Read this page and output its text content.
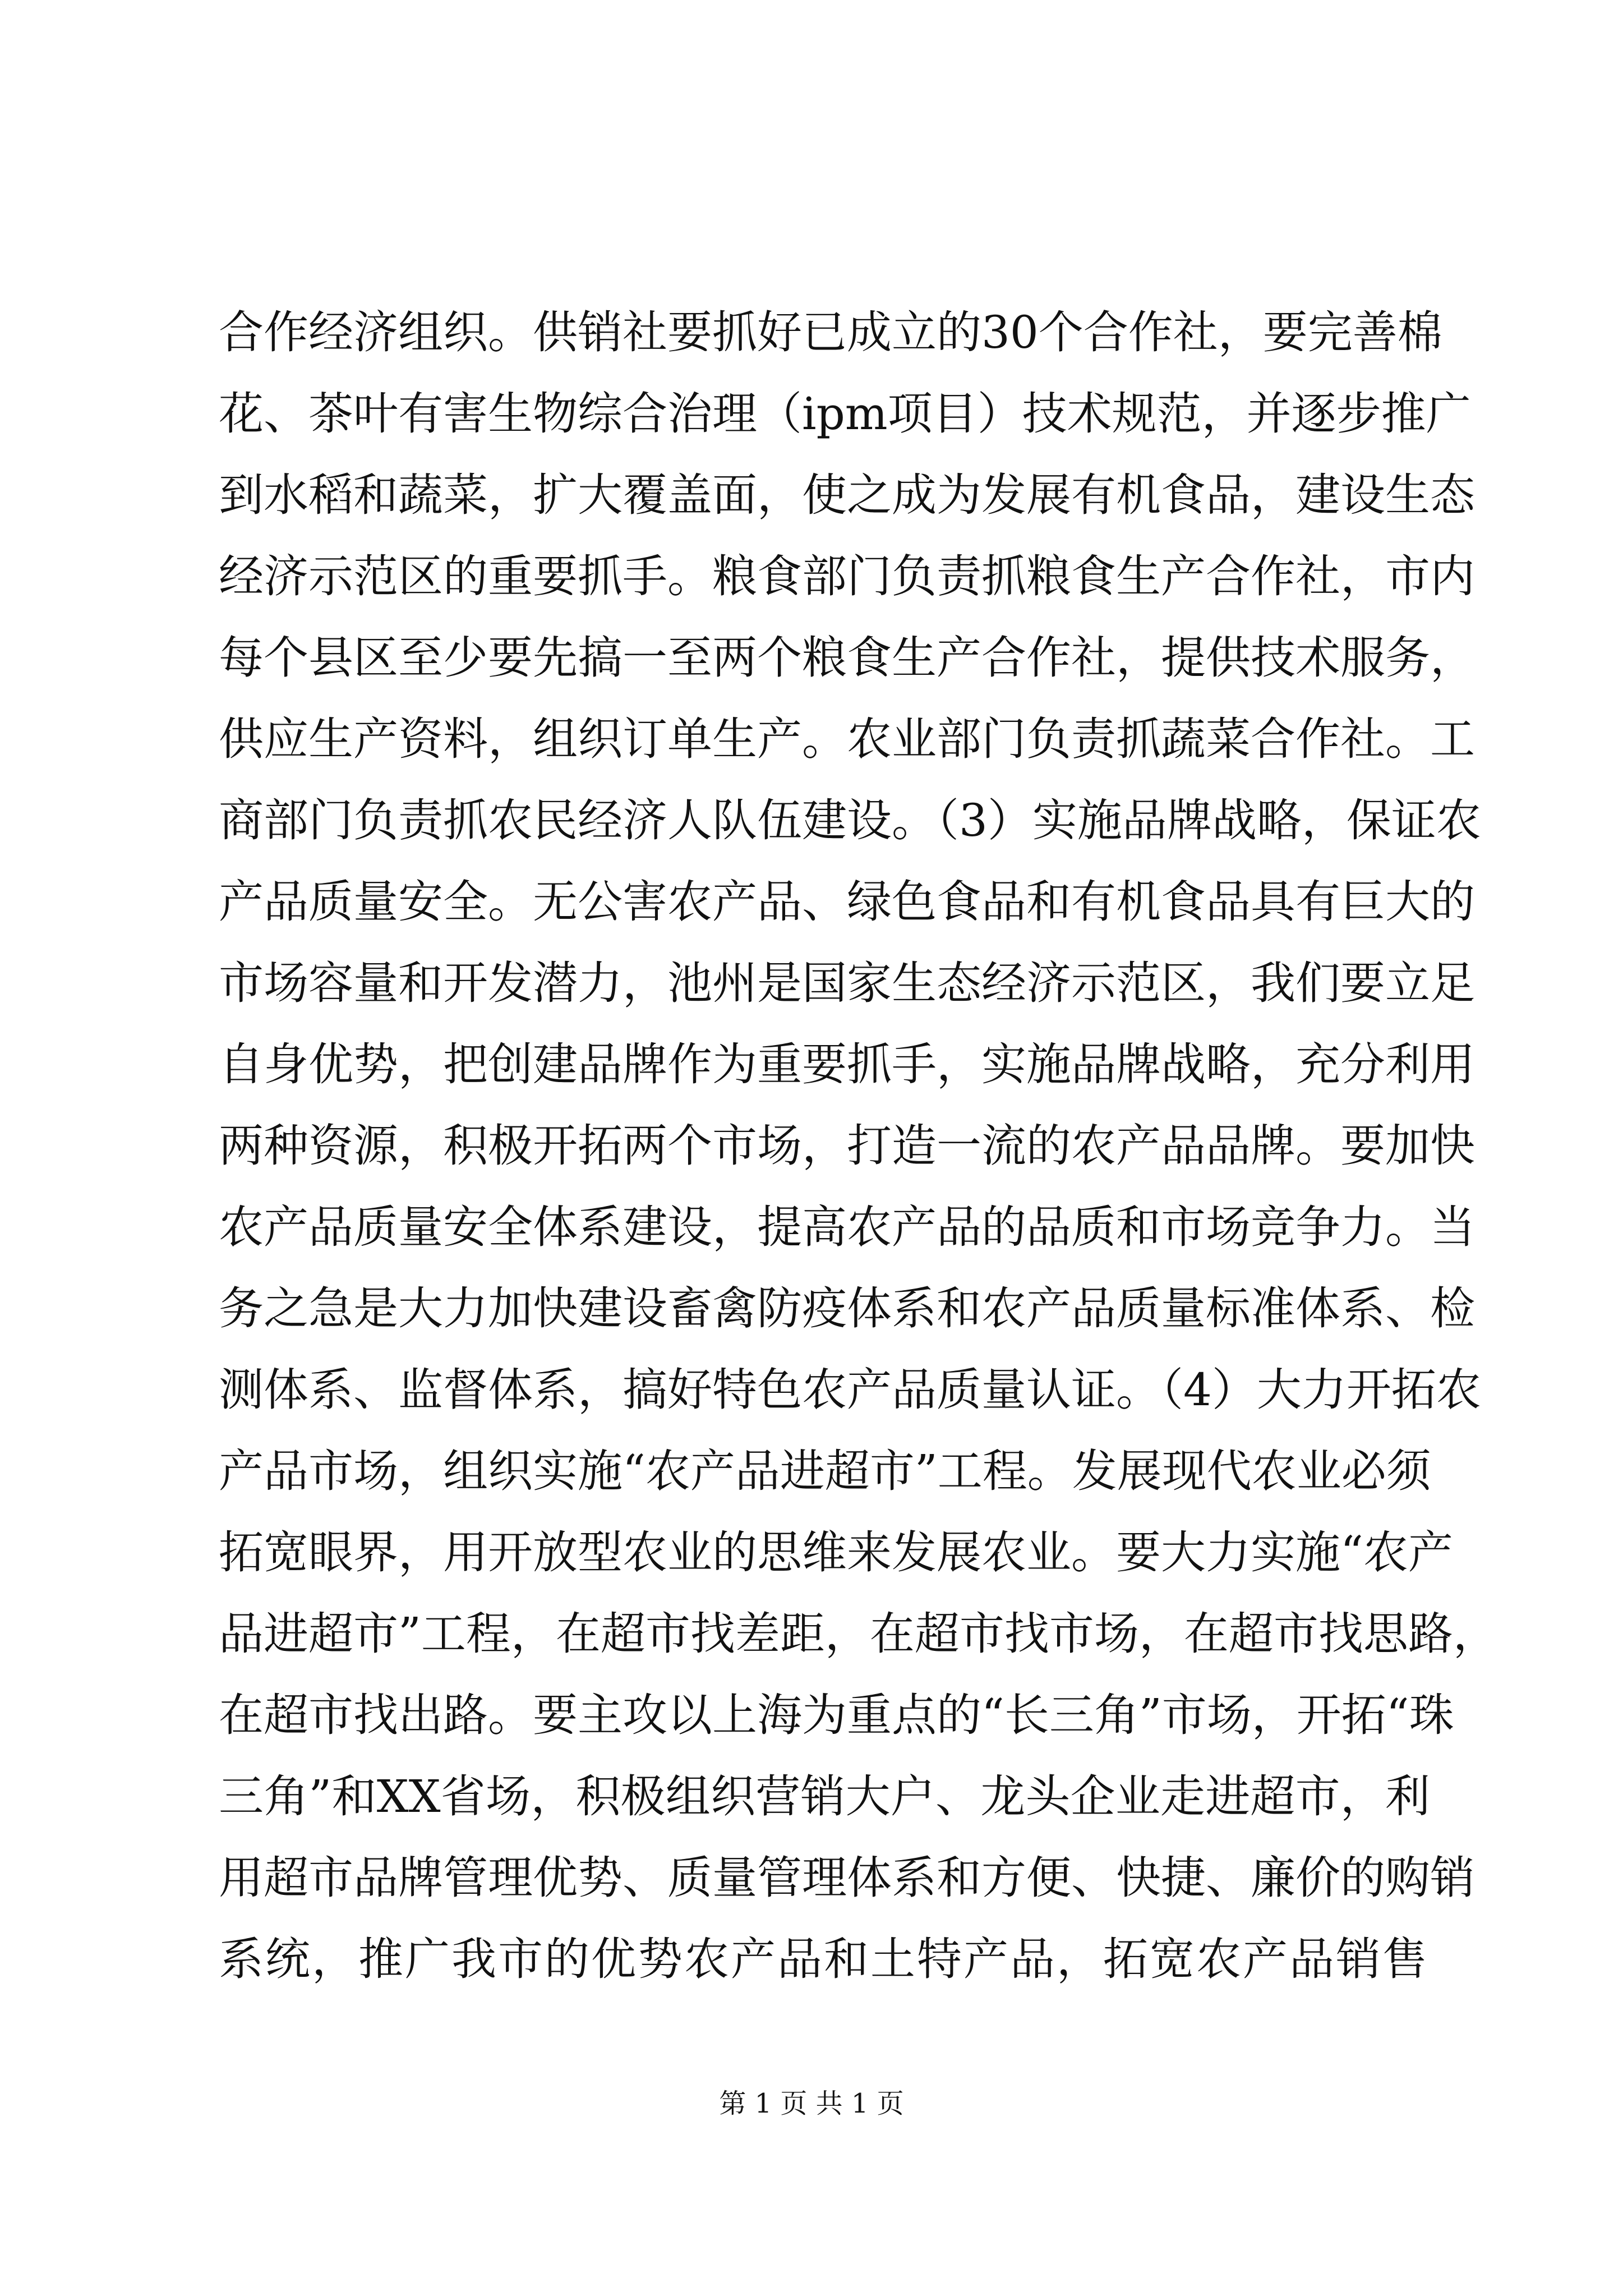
合作经济组织。供销社要抓好已成立的30个合作社，要完善棉
花、茶叶有害生物综合治理（ipm项目）技术规范，并逐步推广
到水稻和蔬菜，扩大覆盖面，使之成为发展有机食品，建设生态
经济示范区的重要抓手。粮食部门负责抓粮食生产合作社，市内
每个县区至少要先搞一至两个粮食生产合作社，提供技术服务，
供应生产资料，组织订单生产。农业部门负责抓蔬菜合作社。工
商部门负责抓农民经济人队伍建设。（3）实施品牌战略，保证农
产品质量安全。无公害农产品、绿色食品和有机食品具有巨大的
市场容量和开发潜力，池州是国家生态经济示范区，我们要立足
自身优势，把创建品牌作为重要抓手，实施品牌战略，充分利用
两种资源，积极开拓两个市场，打造一流的农产品品牌。要加快
农产品质量安全体系建设，提高农产品的品质和市场竞争力。当
务之急是大力加快建设畜禽防疫体系和农产品质量标准体系、检
测体系、监督体系，搞好特色农产品质量认证。（4）大力开拓农
产品市场，组织实施“农产品进超市”工程。发展现代农业必须
拓宽眼界，用开放型农业的思维来发展农业。要大力实施“农产
品进超市”工程，在超市找差距，在超市找市场，在超市找思路，
在超市找出路。要主攻以上海为重点的“长三角”市场，开拓“珠
三角”和XX省场，积极组织营销大户、龙头企业走进超市，利
用超市品牌管理优势、质量管理体系和方便、快捷、廉价的购销
系统，推广我市的优势农产品和土特产品，拓宽农产品销售
第 1 页 共 1 页
